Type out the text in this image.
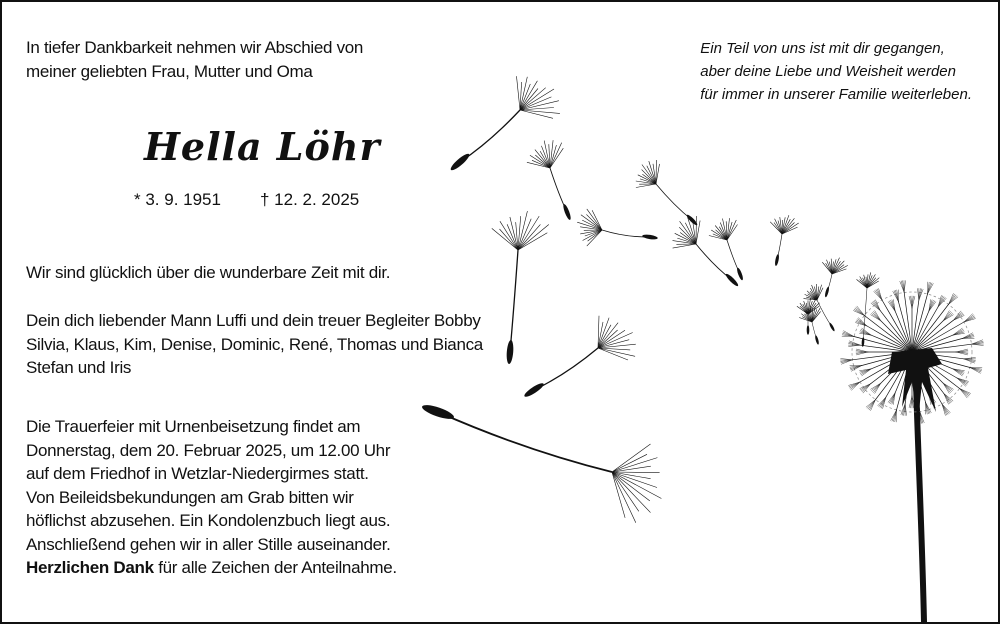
In tiefer Dankbarkeit nehmen wir Abschied von
meiner geliebten Frau, Mutter und Oma
Hella Löhr
* 3. 9. 1951 † 12. 2. 2025
Wir sind glücklich über die wunderbare Zeit mit dir.
Dein dich liebender Mann Luffi und dein treuer Begleiter Bobby
Silvia, Klaus, Kim, Denise, Dominic, René, Thomas und Bianca
Stefan und Iris
Die Trauerfeier mit Urnenbeisetzung findet am
Donnerstag, dem 20. Februar 2025, um 12.00 Uhr
auf dem Friedhof in Wetzlar-Niedergirmes statt.
Von Beileidsbekundungen am Grab bitten wir
höflichst abzusehen. Ein Kondolenzbuch liegt aus.
Anschließend gehen wir in aller Stille auseinander.
Herzlichen Dank für alle Zeichen der Anteilnahme.
Ein Teil von uns ist mit dir gegangen,
aber deine Liebe und Weisheit werden
für immer in unserer Familie weiterleben.
